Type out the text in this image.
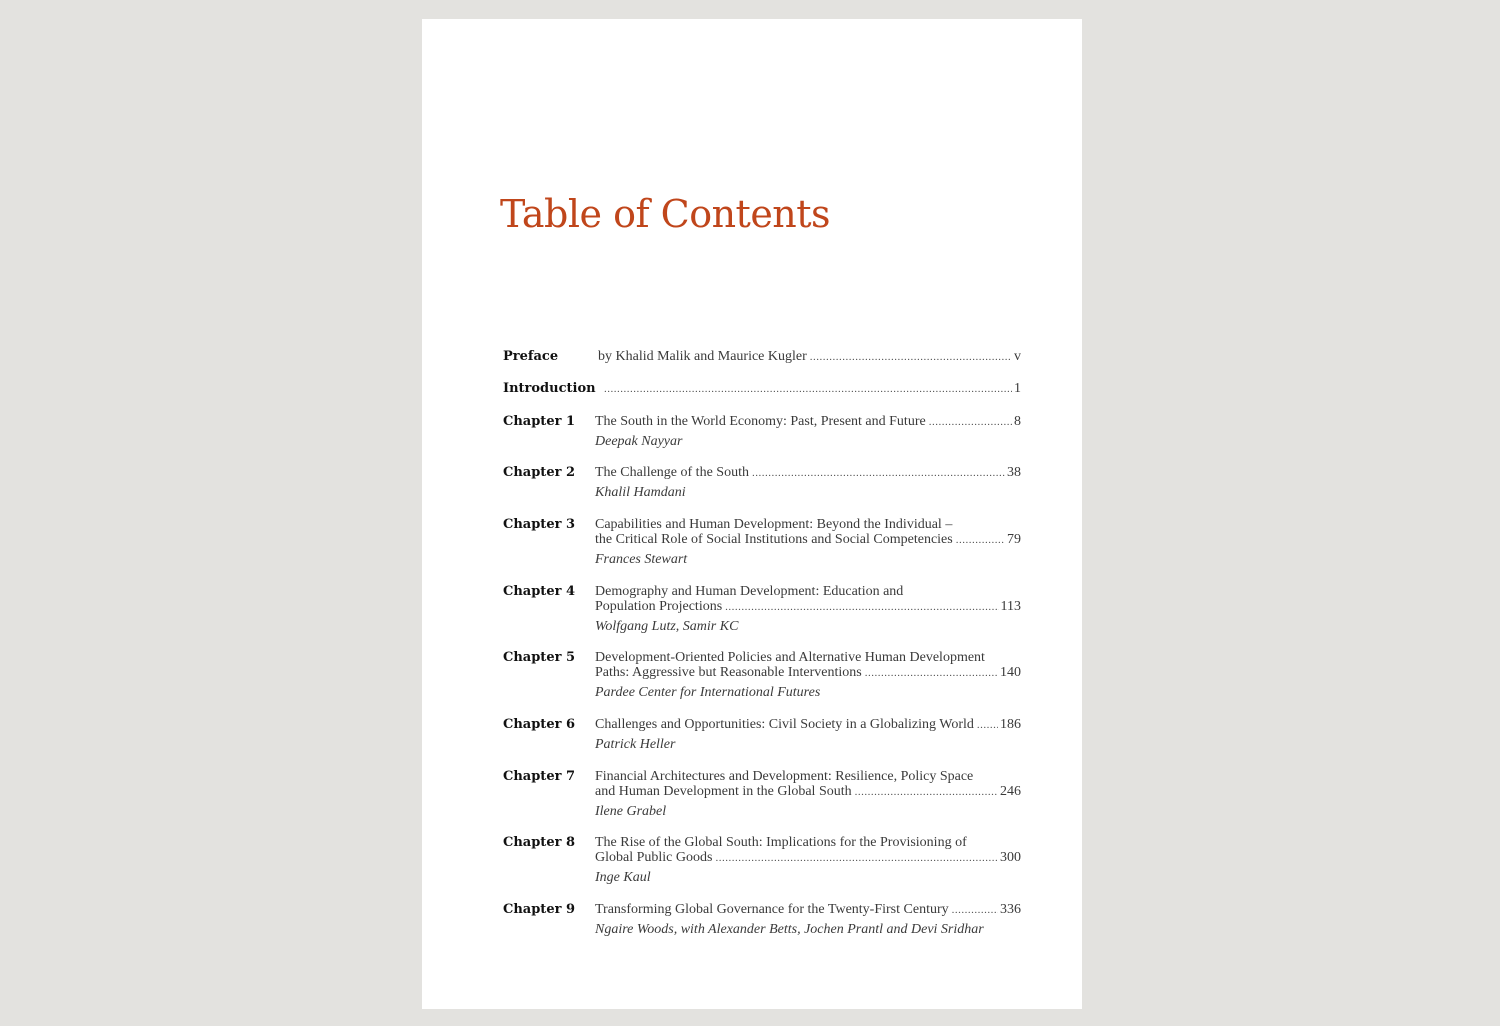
Table of Contents
Preface	by Khalid Malik and Maurice Kugler .....	v
Introduction .....	1
Chapter 1 The South in the World Economy: Past, Present and Future .....	8
Deepak Nayyar
Chapter 2 The Challenge of the South .....	38
Khalil Hamdani
Chapter 3 Capabilities and Human Development: Beyond the Individual –
the Critical Role of Social Institutions and Social Competencies .....	79
Frances Stewart
Chapter 4 Demography and Human Development: Education and
Population Projections .....	113
Wolfgang Lutz, Samir KC
Chapter 5 Development-Oriented Policies and Alternative Human Development
Paths: Aggressive but Reasonable Interventions .....	140
Pardee Center for International Futures
Chapter 6 Challenges and Opportunities: Civil Society in a Globalizing World ..... 186
Patrick Heller
Chapter 7 Financial Architectures and Development: Resilience, Policy Space
and Human Development in the Global South .....	246
Ilene Grabel
Chapter 8 The Rise of the Global South: Implications for the Provisioning of
Global Public Goods .....	300
Inge Kaul
Chapter 9 Transforming Global Governance for the Twenty-First Century .....	336
Ngaire Woods, with Alexander Betts, Jochen Prantl and Devi Sridhar
